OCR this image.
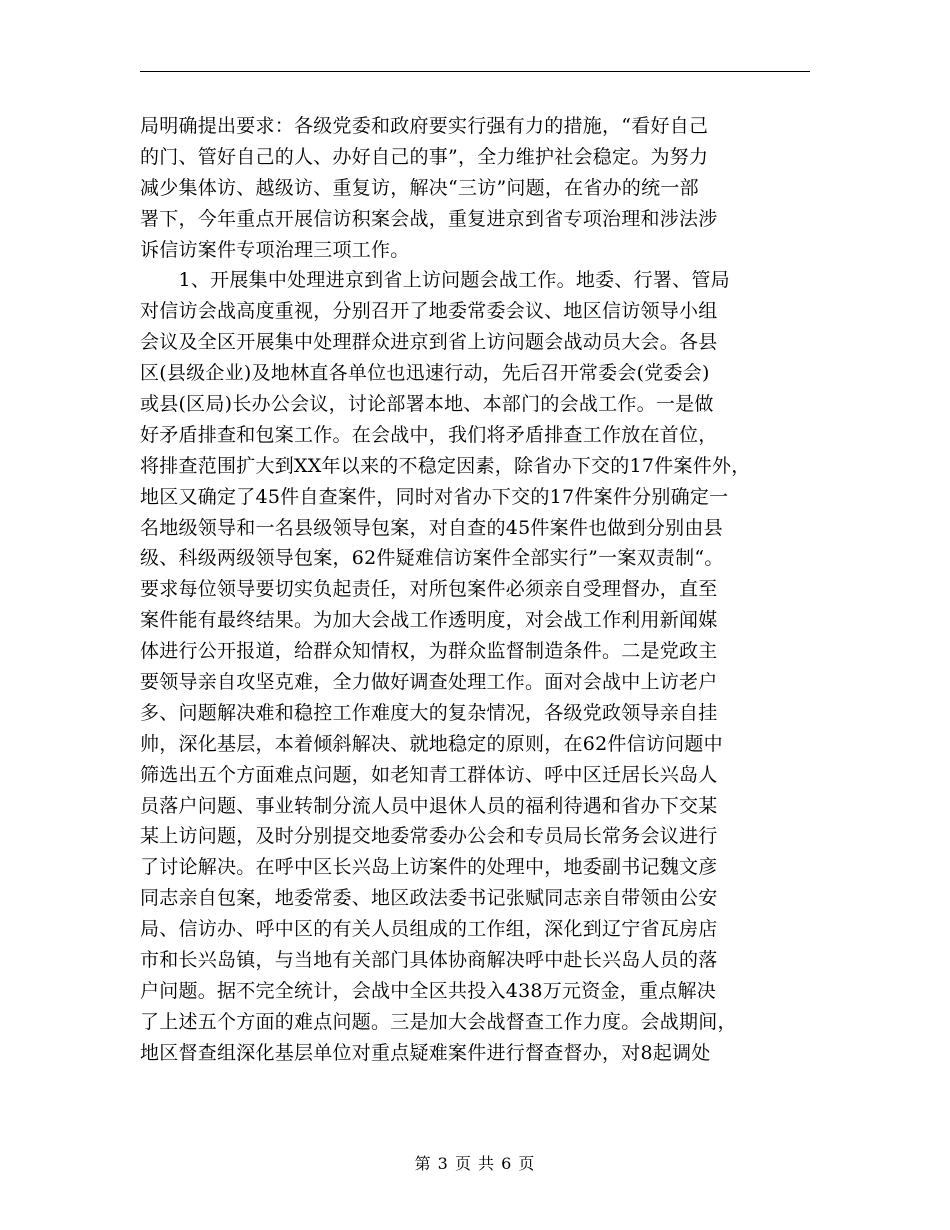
局明确提出要求：各级党委和政府要实行强有力的措施，“看好自己
的门、管好自己的人、办好自己的事”，全力维护社会稳定。为努力
减少集体访、越级访、重复访，解决“三访”问题，在省办的统一部
署下，今年重点开展信访积案会战，重复进京到省专项治理和涉法涉
诉信访案件专项治理三项工作。
　　1、开展集中处理进京到省上访问题会战工作。地委、行署、管局
对信访会战高度重视，分别召开了地委常委会议、地区信访领导小组
会议及全区开展集中处理群众进京到省上访问题会战动员大会。各县
区(县级企业)及地林直各单位也迅速行动，先后召开常委会(党委会)
或县(区局)长办公会议，讨论部署本地、本部门的会战工作。一是做
好矛盾排查和包案工作。在会战中，我们将矛盾排查工作放在首位，
将排查范围扩大到XX年以来的不稳定因素，除省办下交的17件案件外，
地区又确定了45件自查案件，同时对省办下交的17件案件分别确定一
名地级领导和一名县级领导包案，对自查的45件案件也做到分别由县
级、科级两级领导包案，62件疑难信访案件全部实行”一案双责制“。
要求每位领导要切实负起责任，对所包案件必须亲自受理督办，直至
案件能有最终结果。为加大会战工作透明度，对会战工作利用新闻媒
体进行公开报道，给群众知情权，为群众监督制造条件。二是党政主
要领导亲自攻坚克难，全力做好调查处理工作。面对会战中上访老户
多、问题解决难和稳控工作难度大的复杂情况，各级党政领导亲自挂
帅，深化基层，本着倾斜解决、就地稳定的原则，在62件信访问题中
筛选出五个方面难点问题，如老知青工群体访、呼中区迁居长兴岛人
员落户问题、事业转制分流人员中退休人员的福利待遇和省办下交某
某上访问题，及时分别提交地委常委办公会和专员局长常务会议进行
了讨论解决。在呼中区长兴岛上访案件的处理中，地委副书记魏文彦
同志亲自包案，地委常委、地区政法委书记张赋同志亲自带领由公安
局、信访办、呼中区的有关人员组成的工作组，深化到辽宁省瓦房店
市和长兴岛镇，与当地有关部门具体协商解决呼中赴长兴岛人员的落
户问题。据不完全统计，会战中全区共投入438万元资金，重点解决
了上述五个方面的难点问题。三是加大会战督查工作力度。会战期间，
地区督查组深化基层单位对重点疑难案件进行督查督办，对8起调处
第 3 页 共 6 页
